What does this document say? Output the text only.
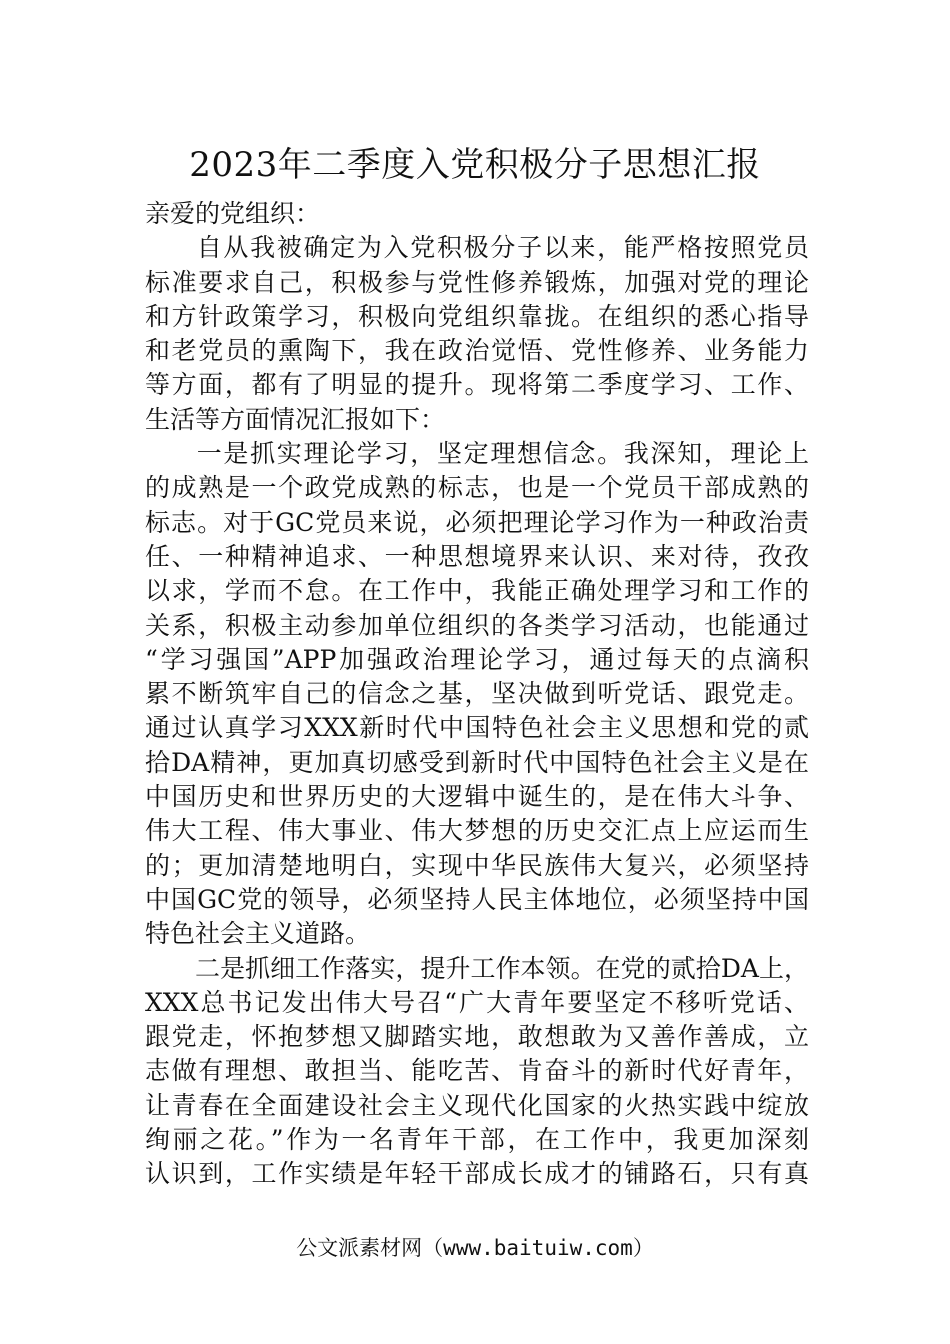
2023年二季度入党积极分子思想汇报
亲爱的党组织：
自从我被确定为入党积极分子以来，能严格按照党员
标准要求自己，积极参与党性修养锻炼，加强对党的理论
和方针政策学习，积极向党组织靠拢。在组织的悉心指导
和老党员的熏陶下，我在政治觉悟、党性修养、业务能力
等方面，都有了明显的提升。现将第二季度学习、工作、
生活等方面情况汇报如下：
一是抓实理论学习，坚定理想信念。我深知，理论上
的成熟是一个政党成熟的标志，也是一个党员干部成熟的
标志。对于GC党员来说，必须把理论学习作为一种政治责
任、一种精神追求、一种思想境界来认识、来对待，孜孜
以求，学而不怠。在工作中，我能正确处理学习和工作的
关系，积极主动参加单位组织的各类学习活动，也能通过
“学习强国”APP加强政治理论学习，通过每天的点滴积
累不断筑牢自己的信念之基，坚决做到听党话、跟党走。
通过认真学习XXX新时代中国特色社会主义思想和党的贰
拾DA精神，更加真切感受到新时代中国特色社会主义是在
中国历史和世界历史的大逻辑中诞生的，是在伟大斗争、
伟大工程、伟大事业、伟大梦想的历史交汇点上应运而生
的；更加清楚地明白，实现中华民族伟大复兴，必须坚持
中国GC党的领导，必须坚持人民主体地位，必须坚持中国
特色社会主义道路。
二是抓细工作落实，提升工作本领。在党的贰拾DA上，
XXX总书记发出伟大号召“广大青年要坚定不移听党话、
跟党走，怀抱梦想又脚踏实地，敢想敢为又善作善成，立
志做有理想、敢担当、能吃苦、肯奋斗的新时代好青年，
让青春在全面建设社会主义现代化国家的火热实践中绽放
绚丽之花。”作为一名青年干部，在工作中，我更加深刻
认识到，工作实绩是年轻干部成长成才的铺路石，只有真
公文派素材网（www.baituiw.com）
